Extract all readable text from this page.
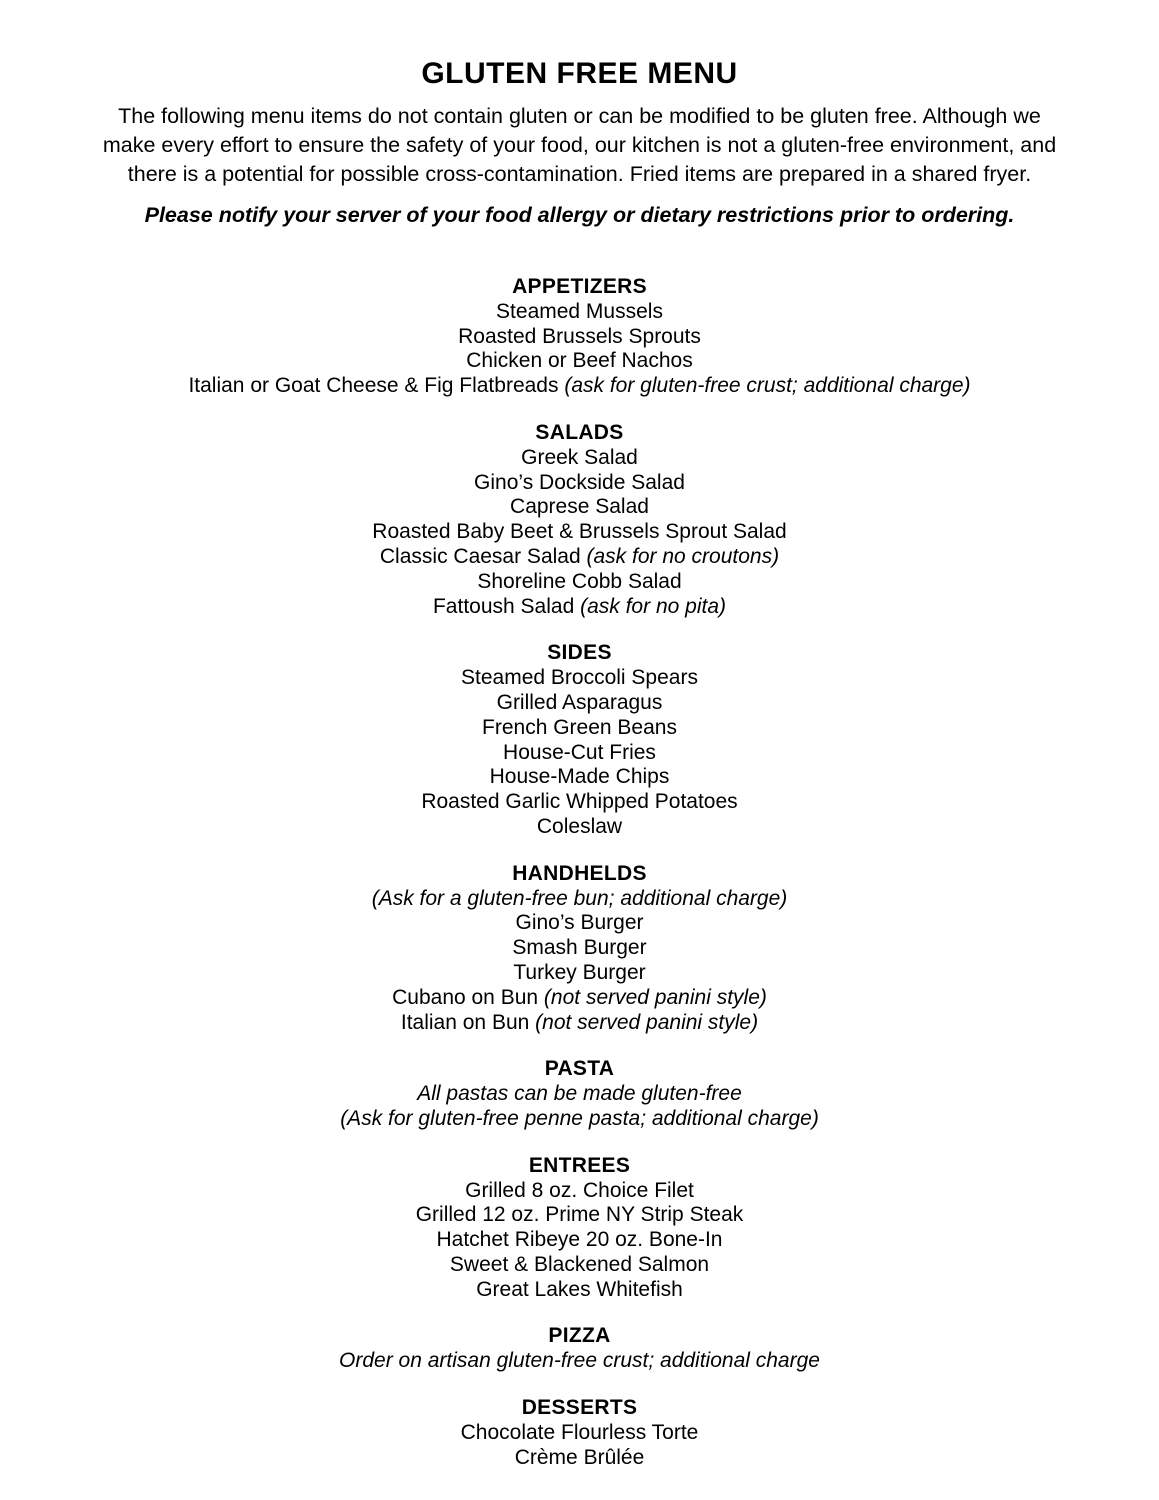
GLUTEN FREE MENU
The following menu items do not contain gluten or can be modified to be gluten free. Although we
make every effort to ensure the safety of your food, our kitchen is not a gluten-free environment, and
there is a potential for possible cross-contamination. Fried items are prepared in a shared fryer.
Please notify your server of your food allergy or dietary restrictions prior to ordering.
APPETIZERS
Steamed Mussels
Roasted Brussels Sprouts
Chicken or Beef Nachos
Italian or Goat Cheese & Fig Flatbreads (ask for gluten-free crust; additional charge)
SALADS
Greek Salad
Gino’s Dockside Salad
Caprese Salad
Roasted Baby Beet & Brussels Sprout Salad
Classic Caesar Salad (ask for no croutons)
Shoreline Cobb Salad
Fattoush Salad (ask for no pita)
SIDES
Steamed Broccoli Spears
Grilled Asparagus
French Green Beans
House-Cut Fries
House-Made Chips
Roasted Garlic Whipped Potatoes
Coleslaw
HANDHELDS
(Ask for a gluten-free bun; additional charge)
Gino’s Burger
Smash Burger
Turkey Burger
Cubano on Bun (not served panini style)
Italian on Bun (not served panini style)
PASTA
All pastas can be made gluten-free
(Ask for gluten-free penne pasta; additional charge)
ENTREES
Grilled 8 oz. Choice Filet
Grilled 12 oz. Prime NY Strip Steak
Hatchet Ribeye 20 oz. Bone-In
Sweet & Blackened Salmon
Great Lakes Whitefish
PIZZA
Order on artisan gluten-free crust; additional charge
DESSERTS
Chocolate Flourless Torte
Crème Brûlée
